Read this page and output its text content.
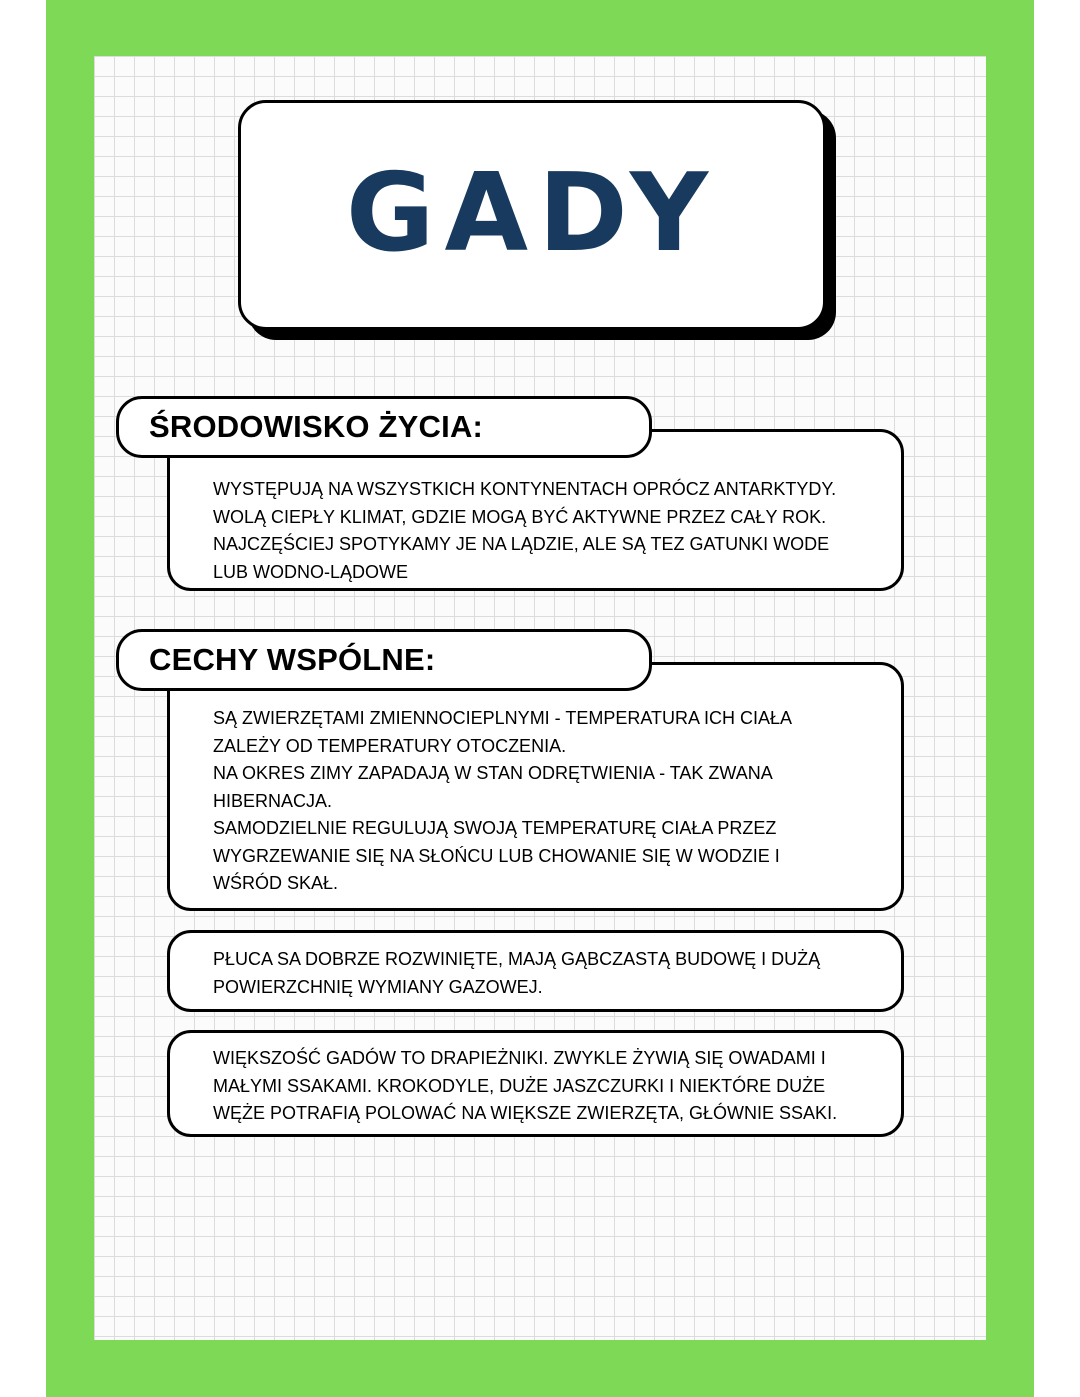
GADY
ŚRODOWISKO ŻYCIA:
WYSTĘPUJĄ NA WSZYSTKICH KONTYNENTACH OPRÓCZ ANTARKTYDY.
WOLĄ CIEPŁY KLIMAT, GDZIE MOGĄ BYĆ AKTYWNE PRZEZ CAŁY ROK.
NAJCZĘŚCIEJ SPOTYKAMY JE NA LĄDZIE, ALE SĄ TEZ GATUNKI WODE
LUB WODNO-LĄDOWE
CECHY WSPÓLNE:
SĄ ZWIERZĘTAMI ZMIENNOCIEPLNYMI - TEMPERATURA ICH CIAŁA
ZALEŻY OD TEMPERATURY OTOCZENIA.
NA OKRES ZIMY ZAPADAJĄ W STAN ODRĘTWIENIA - TAK ZWANA
HIBERNACJA.
SAMODZIELNIE REGULUJĄ SWOJĄ TEMPERATURĘ CIAŁA PRZEZ
WYGRZEWANIE SIĘ NA SŁOŃCU LUB CHOWANIE SIĘ W WODZIE I
WŚRÓD SKAŁ.
PŁUCA SA DOBRZE ROZWINIĘTE, MAJĄ GĄBCZASTĄ BUDOWĘ I DUŻĄ
POWIERZCHNIĘ WYMIANY GAZOWEJ.
WIĘKSZOŚĆ GADÓW TO DRAPIEŻNIKI. ZWYKLE ŻYWIĄ SIĘ OWADAMI I
MAŁYMI SSAKAMI. KROKODYLE, DUŻE JASZCZURKI I NIEKTÓRE DUŻE
WĘŻE POTRAFIĄ POLOWAĆ NA WIĘKSZE ZWIERZĘTA, GŁÓWNIE SSAKI.
